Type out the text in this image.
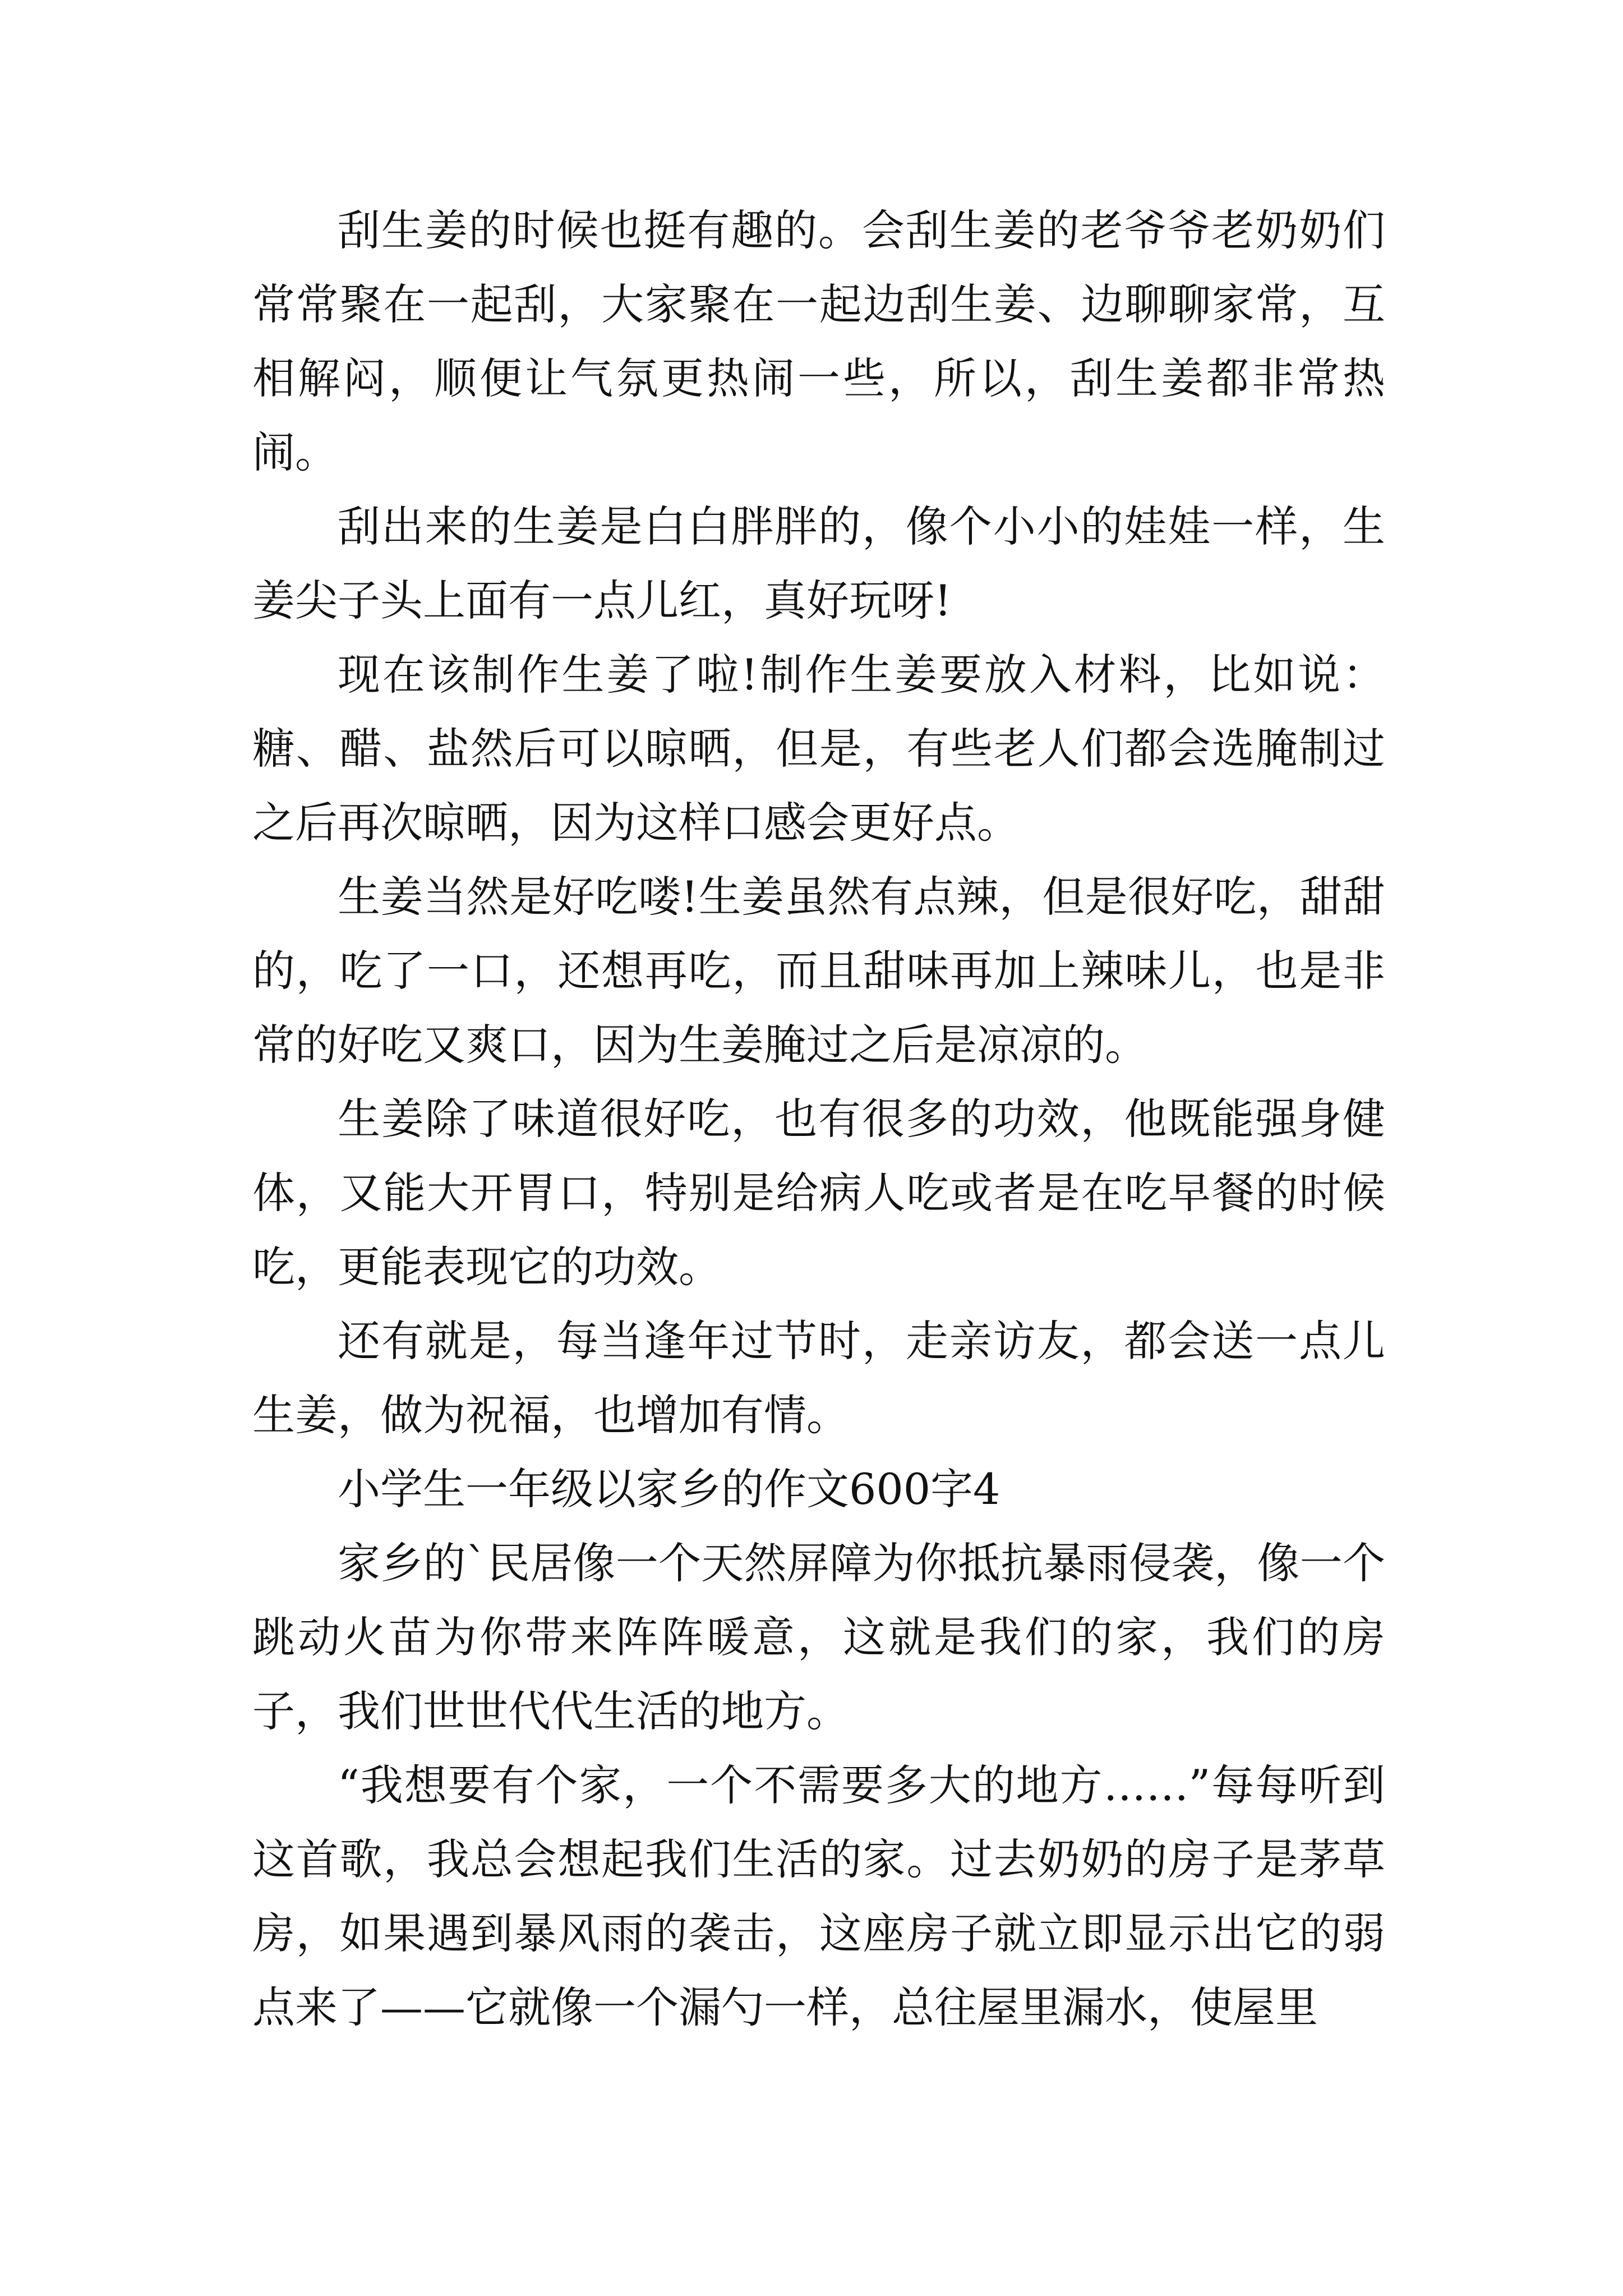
刮生姜的时候也挺有趣的。会刮生姜的老爷爷老奶奶们常常聚在一起刮，大家聚在一起边刮生姜、边聊聊家常，互相解闷，顺便让气氛更热闹一些，所以，刮生姜都非常热闹。

刮出来的生姜是白白胖胖的，像个小小的娃娃一样，生姜尖子头上面有一点儿红，真好玩呀!

现在该制作生姜了啦!制作生姜要放入材料，比如说：糖、醋、盐然后可以晾晒，但是，有些老人们都会选腌制过之后再次晾晒，因为这样口感会更好点。

生姜当然是好吃喽!生姜虽然有点辣，但是很好吃，甜甜的，吃了一口，还想再吃，而且甜味再加上辣味儿，也是非常的好吃又爽口，因为生姜腌过之后是凉凉的。

生姜除了味道很好吃，也有很多的功效，他既能强身健体，又能大开胃口，特别是给病人吃或者是在吃早餐的时候吃，更能表现它的功效。

还有就是，每当逢年过节时，走亲访友，都会送一点儿生姜，做为祝福，也增加有情。

小学生一年级以家乡的作文600字4

家乡的`民居像一个天然屏障为你抵抗暴雨侵袭，像一个跳动火苗为你带来阵阵暖意，这就是我们的家，我们的房子，我们世世代代生活的地方。

“我想要有个家，一个不需要多大的地方……”每每听到这首歌，我总会想起我们生活的家。过去奶奶的房子是茅草房，如果遇到暴风雨的袭击，这座房子就立即显示出它的弱点来了——它就像一个漏勺一样，总往屋里漏水，使屋里
